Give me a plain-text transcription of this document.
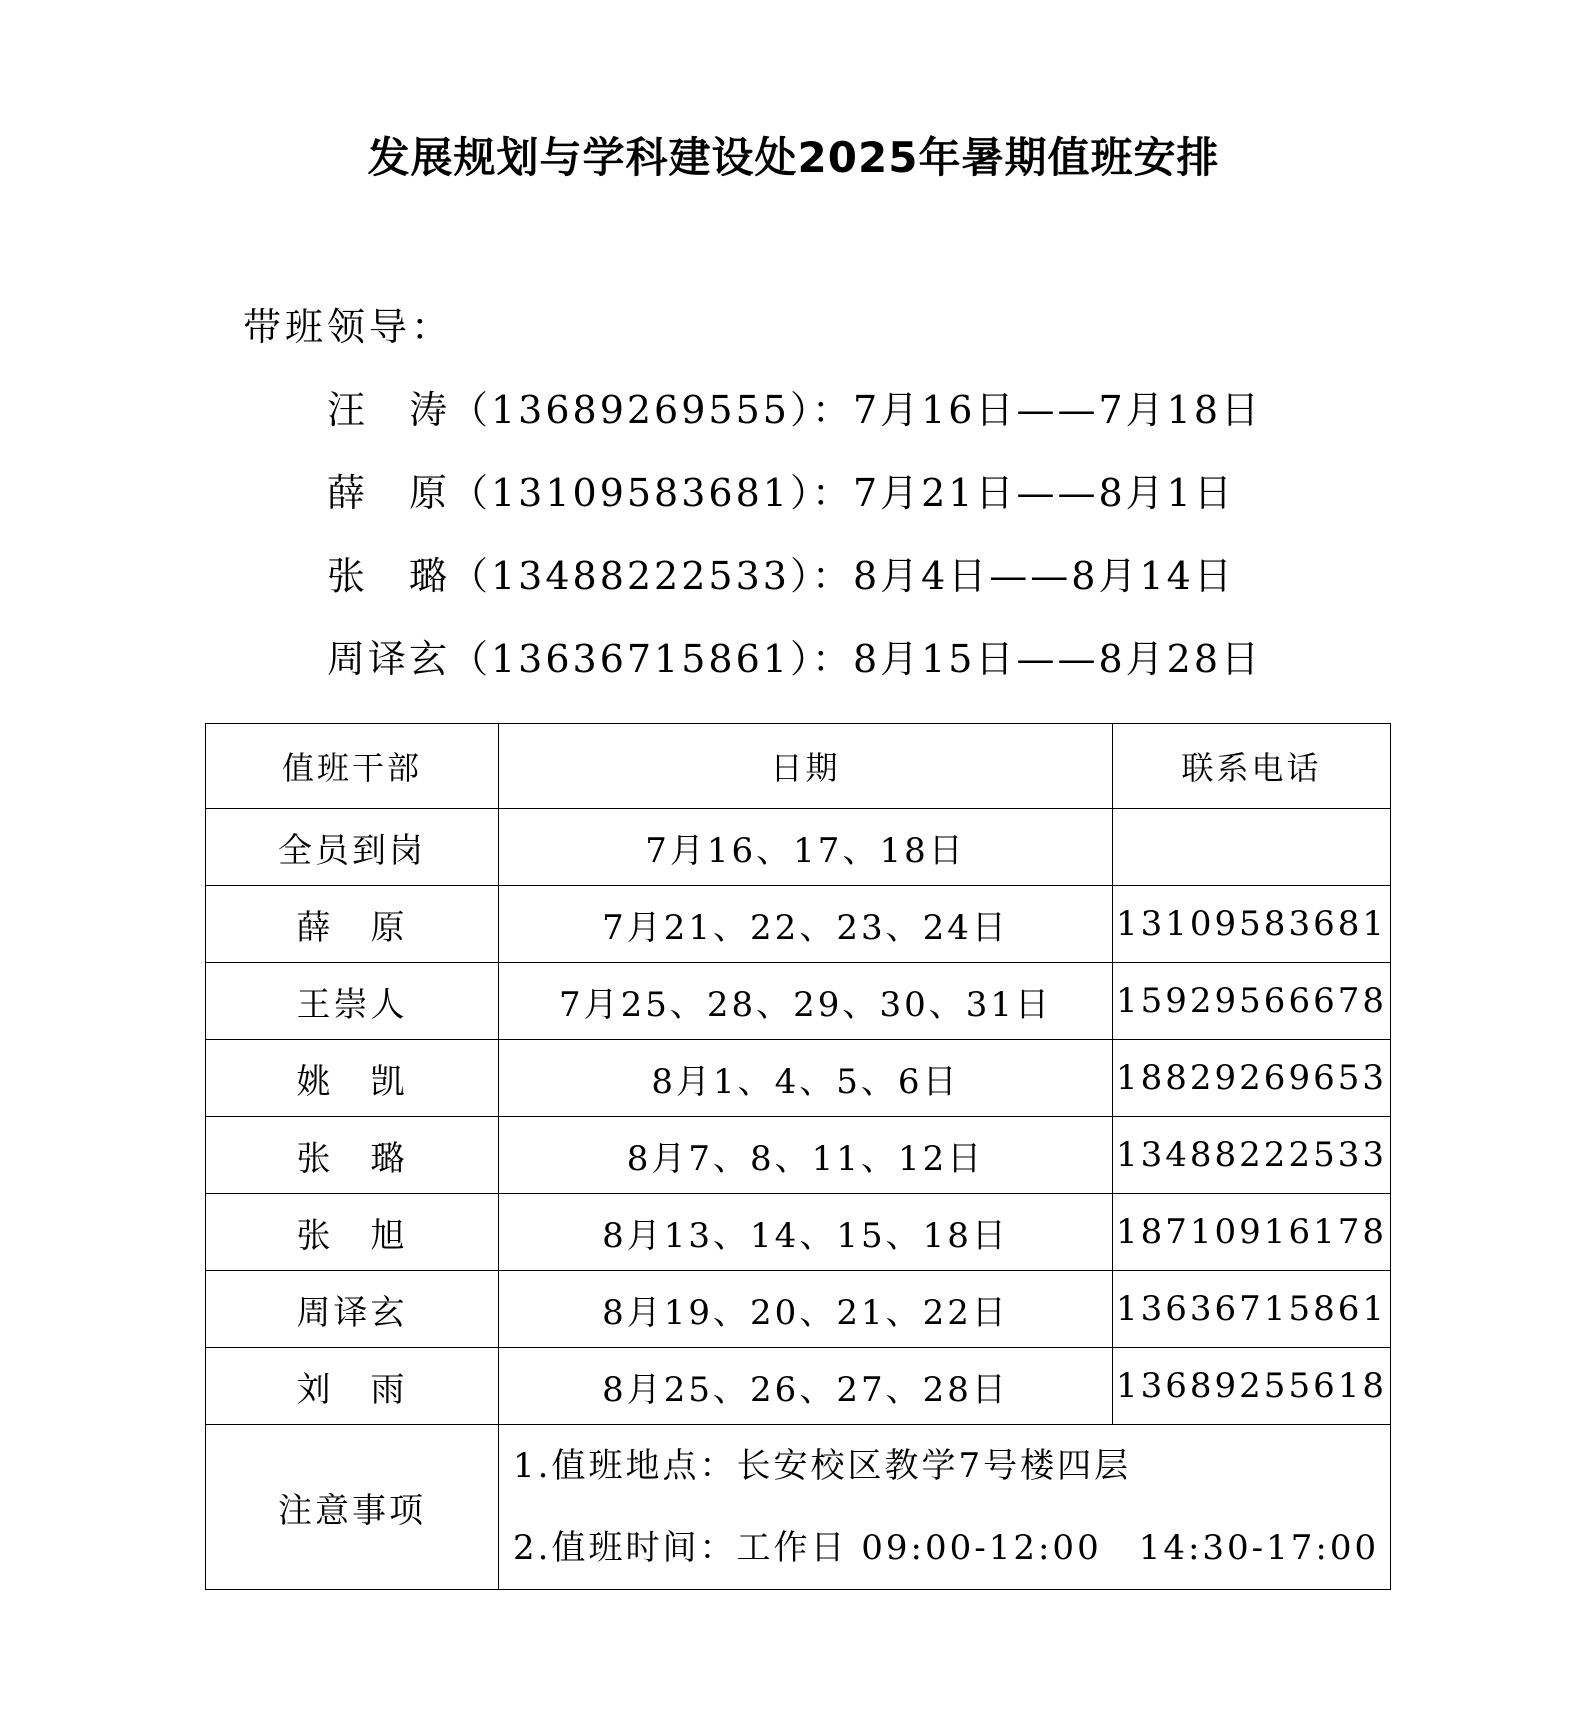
发展规划与学科建设处2025年暑期值班安排
带班领导：
汪　涛（13689269555）：7月16日——7月18日
薛　原（13109583681）：7月21日——8月1日
张　璐（13488222533）：8月4日——8月14日
周译玄（13636715861）：8月15日——8月28日
值班干部	日期	联系电话
全员到岗	7月16、17、18日	
薛　原	7月21、22、23、24日	13109583681
王崇人	7月25、28、29、30、31日	15929566678
姚　凯	8月1、4、5、6日	18829269653
张　璐	8月7、8、11、12日	13488222533
张　旭	8月13、14、15、18日	18710916178
周译玄	8月19、20、21、22日	13636715861
刘　雨	8月25、26、27、28日	13689255618
注意事项	1.值班地点：长安校区教学7号楼四层
2.值班时间：工作日 09:00-12:00　14:30-17:00	
